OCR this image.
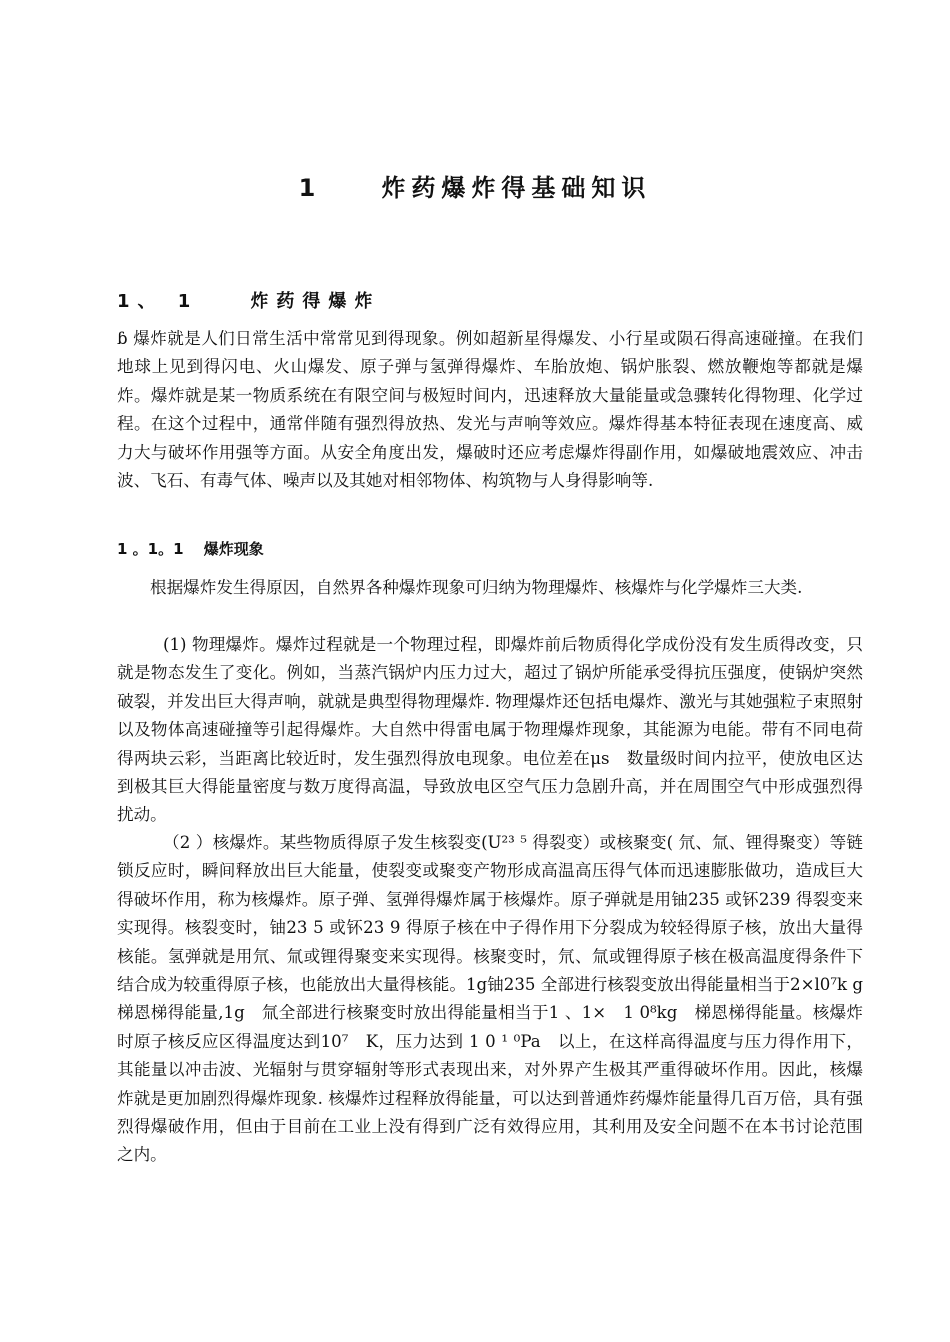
1　　炸药爆炸得基础知识
1、 1　　炸药得爆炸

ɓ 爆炸就是人们日常生活中常常见到得现象。例如超新星得爆发、小行星或陨石得高速碰撞。在我们地球上见到得闪电、火山爆发、原子弹与氢弹得爆炸、车胎放炮、锅炉胀裂、燃放鞭炮等都就是爆炸。爆炸就是某一物质系统在有限空间与极短时间内，迅速释放大量能量或急骤转化得物理、化学过程。在这个过程中，通常伴随有强烈得放热、发光与声响等效应。爆炸得基本特征表现在速度高、威力大与破坏作用强等方面。从安全角度出发，爆破时还应考虑爆炸得副作用，如爆破地震效应、冲击波、飞石、有毒气体、噪声以及其她对相邻物体、构筑物与人身得影响等.

1 。1。1　 爆炸现象

根据爆炸发生得原因，自然界各种爆炸现象可归纳为物理爆炸、核爆炸与化学爆炸三大类.

(1) 物理爆炸。爆炸过程就是一个物理过程，即爆炸前后物质得化学成份没有发生质得改变，只就是物态发生了变化。例如，当蒸汽锅炉内压力过大，超过了锅炉所能承受得抗压强度，使锅炉突然破裂，并发出巨大得声响，就就是典型得物理爆炸. 物理爆炸还包括电爆炸、激光与其她强粒子束照射以及物体高速碰撞等引起得爆炸。大自然中得雷电属于物理爆炸现象，其能源为电能。带有不同电荷得两块云彩，当距离比较近时，发生强烈得放电现象。电位差在μs　数量级时间内拉平，使放电区达到极其巨大得能量密度与数万度得高温，导致放电区空气压力急剧升高，并在周围空气中形成强烈得扰动。

（2 ）核爆炸。某些物质得原子发生核裂变(U²³ ⁵ 得裂变）或核聚变( 氘、氚、锂得聚变）等链锁反应时，瞬间释放出巨大能量，使裂变或聚变产物形成高温高压得气体而迅速膨胀做功，造成巨大得破坏作用，称为核爆炸。原子弹、氢弹得爆炸属于核爆炸。原子弹就是用铀235 或钚239 得裂变来实现得。核裂变时，铀23 5 或钚23 9 得原子核在中子得作用下分裂成为较轻得原子核，放出大量得核能。氢弹就是用氘、氚或锂得聚变来实现得。核聚变时，氘、氚或锂得原子核在极高温度得条件下结合成为较重得原子核，也能放出大量得核能。1g铀235 全部进行核裂变放出得能量相当于2×l0⁷k g 梯恩梯得能量,1g　氚全部进行核聚变时放出得能量相当于1 、1×　1 0⁸kg　梯恩梯得能量。核爆炸时原子核反应区得温度达到10⁷　K，压力达到 1 0 ¹ ⁰Pa　以上，在这样高得温度与压力得作用下，其能量以冲击波、光辐射与贯穿辐射等形式表现出来，对外界产生极其严重得破坏作用。因此，核爆炸就是更加剧烈得爆炸现象. 核爆炸过程释放得能量，可以达到普通炸药爆炸能量得几百万倍，具有强烈得爆破作用，但由于目前在工业上没有得到广泛有效得应用，其利用及安全问题不在本书讨论范围之内。
